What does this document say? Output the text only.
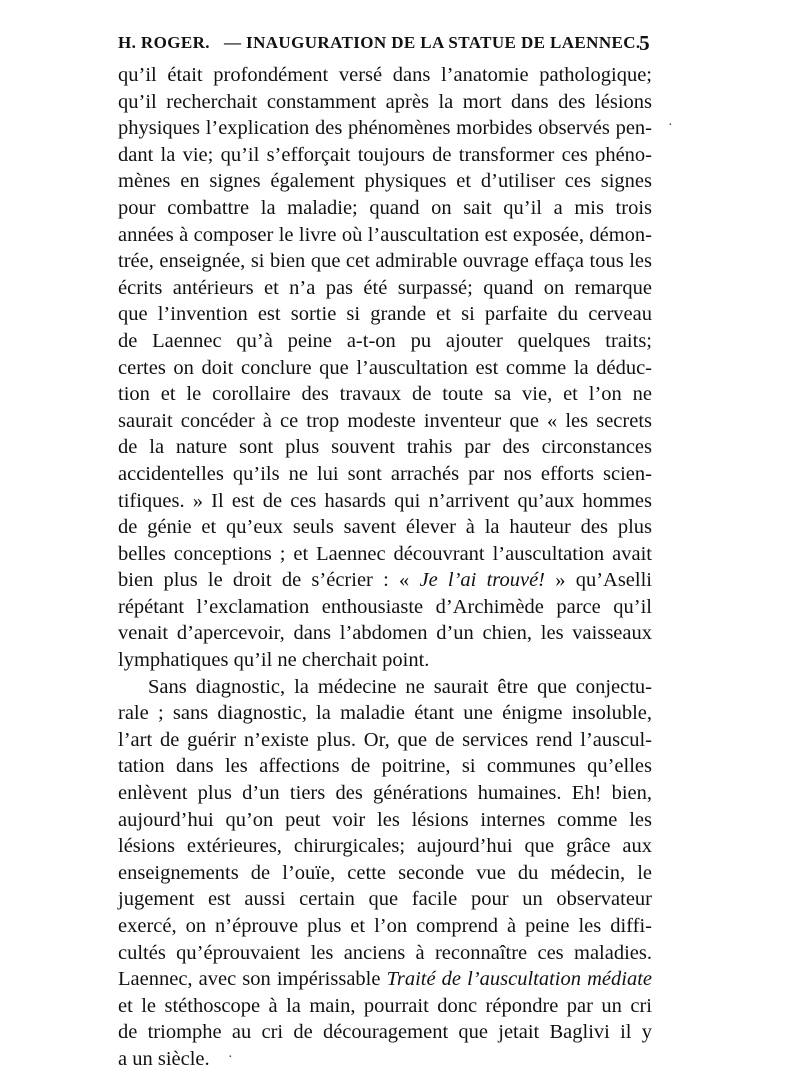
H. ROGER. — INAUGURATION DE LA STATUE DE LAENNEC.
5
qu’il était profondément versé dans l’anatomie pathologique;
qu’il recherchait constamment après la mort dans des lésions
physiques l’explication des phénomènes morbides observés pen-
dant la vie; qu’il s’efforçait toujours de transformer ces phéno-
mènes en signes également physiques et d’utiliser ces signes
pour combattre la maladie; quand on sait qu’il a mis trois
années à composer le livre où l’auscultation est exposée, démon-
trée, enseignée, si bien que cet admirable ouvrage effaça tous les
écrits antérieurs et n’a pas été surpassé; quand on remarque
que l’invention est sortie si grande et si parfaite du cerveau
de Laennec qu’à peine a-t-on pu ajouter quelques traits;
certes on doit conclure que l’auscultation est comme la déduc-
tion et le corollaire des travaux de toute sa vie, et l’on ne
saurait concéder à ce trop modeste inventeur que « les secrets
de la nature sont plus souvent trahis par des circonstances
accidentelles qu’ils ne lui sont arrachés par nos efforts scien-
tifiques. » Il est de ces hasards qui n’arrivent qu’aux hommes
de génie et qu’eux seuls savent élever à la hauteur des plus
belles conceptions ; et Laennec découvrant l’auscultation avait
bien plus le droit de s’écrier : « Je l’ai trouvé! » qu’Aselli
répétant l’exclamation enthousiaste d’Archimède parce qu’il
venait d’apercevoir, dans l’abdomen d’un chien, les vaisseaux
lymphatiques qu’il ne cherchait point.
Sans diagnostic, la médecine ne saurait être que conjectu-
rale ; sans diagnostic, la maladie étant une énigme insoluble,
l’art de guérir n’existe plus. Or, que de services rend l’auscul-
tation dans les affections de poitrine, si communes qu’elles
enlèvent plus d’un tiers des générations humaines. Eh! bien,
aujourd’hui qu’on peut voir les lésions internes comme les
lésions extérieures, chirurgicales; aujourd’hui que grâce aux
enseignements de l’ouïe, cette seconde vue du médecin, le
jugement est aussi certain que facile pour un observateur
exercé, on n’éprouve plus et l’on comprend à peine les diffi-
cultés qu’éprouvaient les anciens à reconnaître ces maladies.
Laennec, avec son impérissable Traité de l’auscultation médiate
et le stéthoscope à la main, pourrait donc répondre par un cri
de triomphe au cri de découragement que jetait Baglivi il y
a un siècle.
·
·
